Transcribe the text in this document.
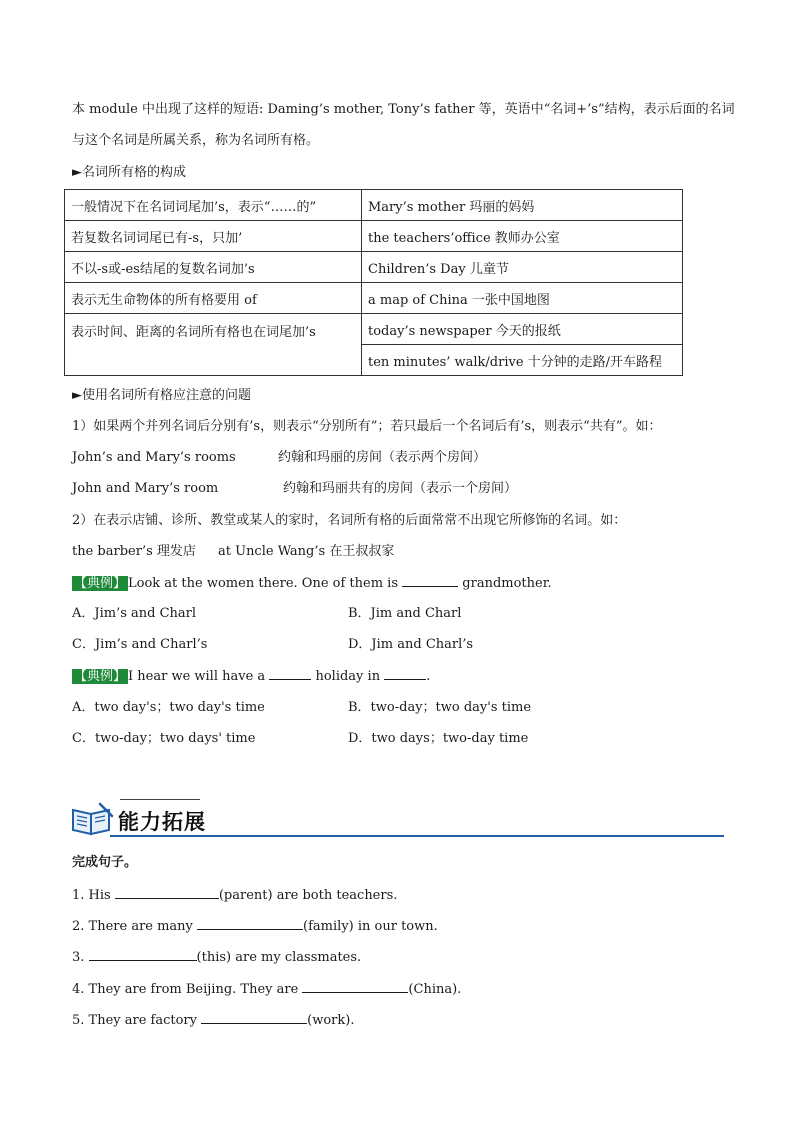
本 module 中出现了这样的短语: Daming’s mother, Tony’s father 等，英语中“名词+’s”结构，表示后面的名词
与这个名词是所属关系，称为名词所有格。
►名词所有格的构成
一般情况下在名词词尾加’s，表示“……的”	Mary’s mother 玛丽的妈妈
若复数名词词尾已有-s，只加’	the teachers’office 教师办公室
不以-s或-es结尾的复数名词加’s	Children’s Day 儿童节
表示无生命物体的所有格要用 of	a map of China 一张中国地图
表示时间、距离的名词所有格也在词尾加’s	today’s newspaper 今天的报纸
	ten minutes’ walk/drive 十分钟的走路/开车路程
►使用名词所有格应注意的问题
1）如果两个并列名词后分别有’s，则表示“分别所有”；若只最后一个名词后有’s，则表示“共有”。如：
John’s and Mary’s rooms	约翰和玛丽的房间（表示两个房间）
John and Mary’s room	约翰和玛丽共有的房间（表示一个房间）
2）在表示店铺、诊所、教堂或某人的家时，名词所有格的后面常常不出现它所修饰的名词。如：
the barber’s 理发店 at Uncle Wang’s 在王叔叔家
【典例】 Look at the women there. One of them is	grandmother.
A．Jim’s and Charl	B．Jim and Charl
C．Jim’s and Charl’s	D．Jim and Charl’s
【典例】 I hear we will have a	holiday in	.
A．two day's；two day's time	B．two-day；two day's time
C．two-day；two days' time	D．two days；two-day time
能力拓展
完成句子。
1. His	(parent) are both teachers.
2. There are many	(family) in our town.
3.	(this) are my classmates.
4. They are from Beijing. They are	(China).
5. They are factory	(work).
